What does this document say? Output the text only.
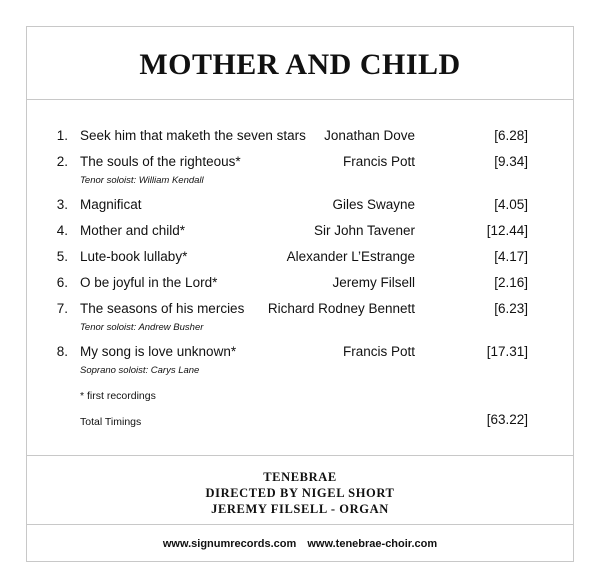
MOTHER AND CHILD
1. Seek him that maketh the seven stars Jonathan Dove	[6.28]
2. The souls of the righteous*	Francis Pott	[9.34]
Tenor soloist: William Kendall
3. Magnificat	Giles Swayne	[4.05]
4. Mother and child*	Sir John Tavener	[12.44]
5. Lute-book lullaby*	Alexander L’Estrange	[4.17]
6. O be joyful in the Lord*	Jeremy Filsell	[2.16]
7. The seasons of his mercies Richard Rodney Bennett	[6.23]
Tenor soloist: Andrew Busher
8. My song is love unknown*	Francis Pott	[17.31]
Soprano soloist: Carys Lane
* first recordings
Total Timings	[63.22]
TENEBRAE
DIRECTED BY NIGEL SHORT
JEREMY FILSELL - ORGAN
www.signumrecords.com www.tenebrae-choir.com
